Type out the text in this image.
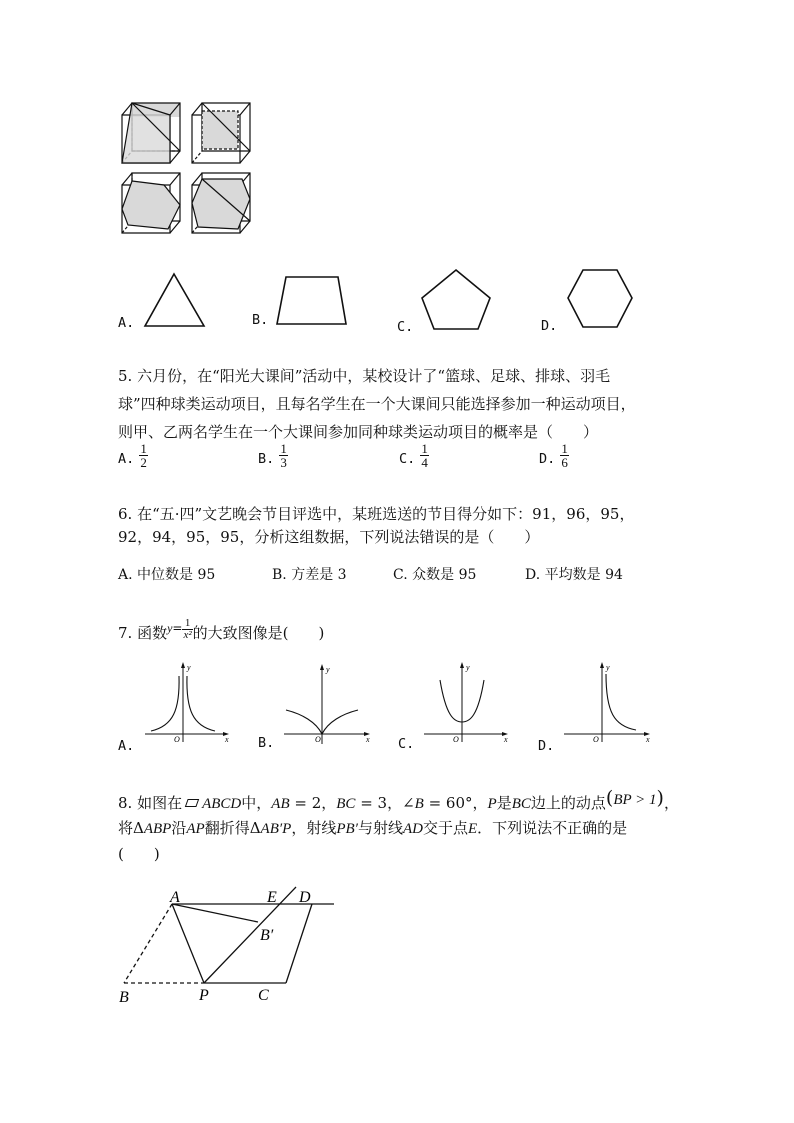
A.	B.	C.	D.
5. 六月份，在“阳光大课间”活动中，某校设计了“篮球、足球、排球、羽毛
球”四种球类运动项目，且每名学生在一个大课间只能选择参加一种运动项目，
则甲、乙两名学生在一个大课间参加同种球类运动项目的概率是（　　）
A. $\frac{1}{2}$	B. $\frac{1}{3}$	C. $\frac{1}{4}$	D. $\frac{1}{6}$
6. 在“五·四”文艺晚会节目评选中，某班选送的节目得分如下：91，96，95，
92，94，95，95，分析这组数据，下列说法错误的是（　　）
A. 中位数是 95	B. 方差是 3	C. 众数是 95	D. 平均数是 94
7. 函数$^{y=} \frac{1}{\text{x²}}$ 的大致图像是(　　)
A.
y
x
O	B.
y
x
O	C.
y
x
O	D.
y
x
O
8. 如图在 ABCD中，AB = 2，BC = 3，∠B = 60°，P是BC边上的动点(BP > 1)，
将ΔABP沿AP翻折得ΔAB′P，射线PB′与射线AD交于点E．下列说法不正确的是
(　　)
A	E D
B′
B	P	C
